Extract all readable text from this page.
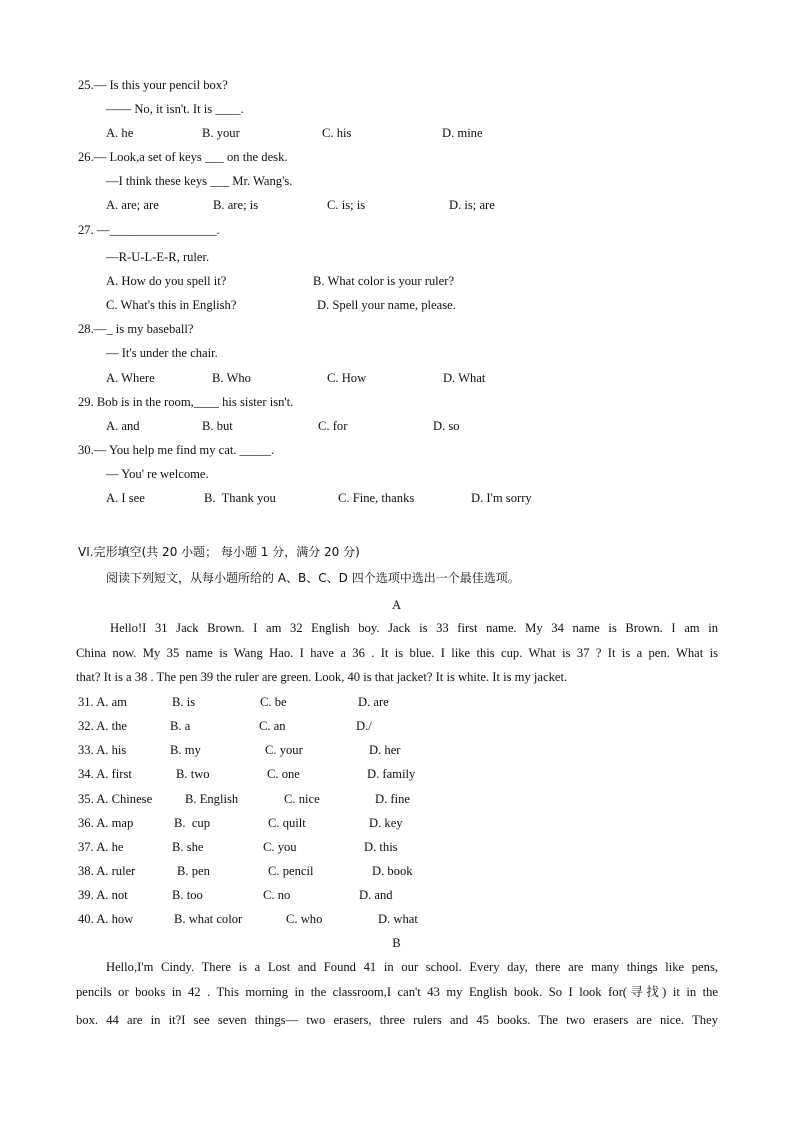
25.— Is this your pencil box?
—— No, it isn't. It is ____.
A. he	B. your	C. his	D. mine
26.— Look,a set of keys ___ on the desk.
—I think these keys ___ Mr. Wang's.
A. are; are	B. are; is	C. is; is	D. is; are
27. —_________________.
—R-U-L-E-R, ruler.
A. How do you spell it?	B. What color is your ruler?
C. What's this in English?	D. Spell your name, please.
28.—_ is my baseball?
— It's under the chair.
A. Where	B. Who	C. How	D. What
29. Bob is in the room,____ his sister isn't.
A. and	B. but	C. for	D. so
30.— You help me find my cat. _____.
— You' re welcome.
A. I see	B.  Thank you	C. Fine, thanks	D. I'm sorry
VI.完形填空(共 20 小题； 每小题 1 分，满分 20 分)
阅读下列短文，从每小题所给的 A、B、C、D 四个选项中选出一个最佳选项。
A
Hello!I 31 Jack Brown. I am 32 English boy. Jack is 33 first name. My 34 name is Brown. I am in
China now. My 35 name is Wang Hao. I have a 36 . It is blue. I like this cup. What is 37 ? It is a pen. What is
that? It is a 38 . The pen 39 the ruler are green. Look, 40 is that jacket? It is white. It is my jacket.
31. A. am	B. is	C. be	D. are
32. A. the	B. a	C. an	D./
33. A. his	B. my	C. your	D. her
34. A. first	B. two	C. one	D. family
35. A. Chinese	B. English	C. nice	D. fine
36. A. map	B.  cup	C. quilt	D. key
37. A. he	B. she	C. you	D. this
38. A. ruler	B. pen	C. pencil	D. book
39. A. not	B. too	C. no	D. and
40. A. how	B. what color	C. who	D. what
B
Hello,I'm Cindy. There is a Lost and Found 41 in our school. Every day, there are many things like pens,
pencils or books in 42 . This morning in the classroom,I can't 43 my English book. So I look for(寻找) it in the
box. 44 are in it?I see seven things— two erasers, three rulers and 45 books. The two erasers are nice. They
